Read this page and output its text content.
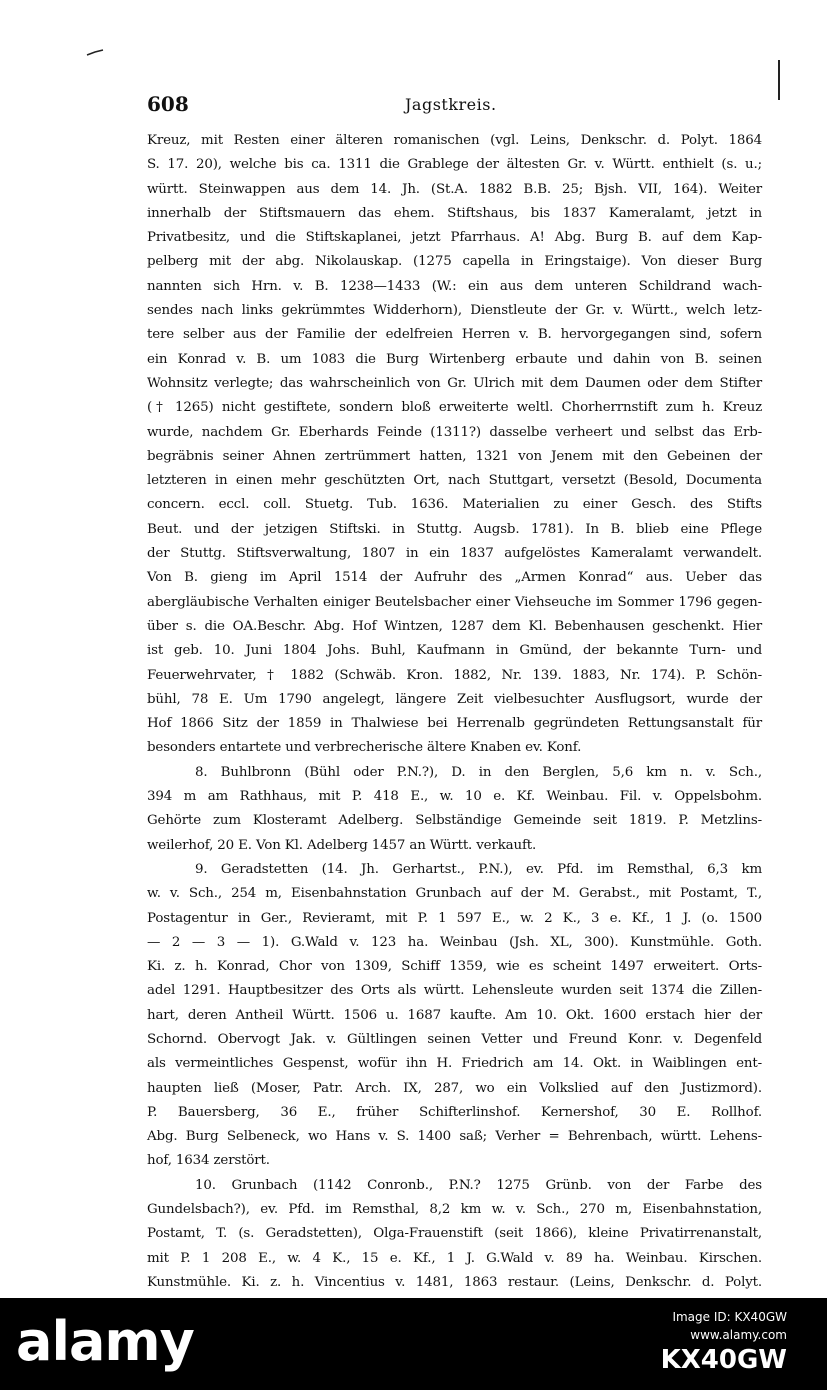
608	Jagstkreis.
Kreuz, mit Resten einer älteren romanischen (vgl. Leins, Denkschr. d. Polyt. 1864
S. 17. 20), welche bis ca. 1311 die Grablege der ältesten Gr. v. Württ. enthielt (s. u.;
württ. Steinwappen aus dem 14. Jh. (St.A. 1882 B.B. 25; Bjsh. VII, 164). Weiter
innerhalb der Stiftsmauern das ehem. Stiftshaus, bis 1837 Kameralamt, jetzt in
Privatbesitz, und die Stiftskaplanei, jetzt Pfarrhaus. A! Abg. Burg B. auf dem Kap-
pelberg mit der abg. Nikolauskap. (1275 capella in Eringstaige). Von dieser Burg
nannten sich Hrn. v. B. 1238—1433 (W.: ein aus dem unteren Schildrand wach-
sendes nach links gekrümmtes Widderhorn), Dienstleute der Gr. v. Württ., welch letz-
tere selber aus der Familie der edelfreien Herren v. B. hervorgegangen sind, sofern
ein Konrad v. B. um 1083 die Burg Wirtenberg erbaute und dahin von B. seinen
Wohnsitz verlegte; das wahrscheinlich von Gr. Ulrich mit dem Daumen oder dem Stifter
(† 1265) nicht gestiftete, sondern bloß erweiterte weltl. Chorherrnstift zum h. Kreuz
wurde, nachdem Gr. Eberhards Feinde (1311?) dasselbe verheert und selbst das Erb-
begräbnis seiner Ahnen zertrümmert hatten, 1321 von Jenem mit den Gebeinen der
letzteren in einen mehr geschützten Ort, nach Stuttgart, versetzt (Besold, Documenta
concern. eccl. coll. Stuetg. Tub. 1636. Materialien zu einer Gesch. des Stifts
Beut. und der jetzigen Stiftski. in Stuttg. Augsb. 1781). In B. blieb eine Pflege
der Stuttg. Stiftsverwaltung, 1807 in ein 1837 aufgelöstes Kameralamt verwandelt.
Von B. gieng im April 1514 der Aufruhr des „Armen Konrad“ aus. Ueber das
abergläubische Verhalten einiger Beutelsbacher einer Viehseuche im Sommer 1796 gegen-
über s. die OA.Beschr. Abg. Hof Wintzen, 1287 dem Kl. Bebenhausen geschenkt. Hier
ist geb. 10. Juni 1804 Johs. Buhl, Kaufmann in Gmünd, der bekannte Turn- und
Feuerwehrvater, † 1882 (Schwäb. Kron. 1882, Nr. 139. 1883, Nr. 174). P. Schön-
bühl, 78 E. Um 1790 angelegt, längere Zeit vielbesuchter Ausflugsort, wurde der
Hof 1866 Sitz der 1859 in Thalwiese bei Herrenalb gegründeten Rettungsanstalt für
besonders entartete und verbrecherische ältere Knaben ev. Konf.
8. Buhlbronn (Bühl oder P.N.?), D. in den Berglen, 5,6 km n. v. Sch.,
394 m am Rathhaus, mit P. 418 E., w. 10 e. Kf. Weinbau. Fil. v. Oppelsbohm.
Gehörte zum Klosteramt Adelberg. Selbständige Gemeinde seit 1819. P. Metzlins-
weilerhof, 20 E. Von Kl. Adelberg 1457 an Württ. verkauft.
9. Geradstetten (14. Jh. Gerhartst., P.N.), ev. Pfd. im Remsthal, 6,3 km
w. v. Sch., 254 m, Eisenbahnstation Grunbach auf der M. Gerabst., mit Postamt, T.,
Postagentur in Ger., Revieramt, mit P. 1 597 E., w. 2 K., 3 e. Kf., 1 J. (o. 1500
— 2 — 3 — 1). G.Wald v. 123 ha. Weinbau (Jsh. XL, 300). Kunstmühle. Goth.
Ki. z. h. Konrad, Chor von 1309, Schiff 1359, wie es scheint 1497 erweitert. Orts-
adel 1291. Hauptbesitzer des Orts als württ. Lehensleute wurden seit 1374 die Zillen-
hart, deren Antheil Württ. 1506 u. 1687 kaufte. Am 10. Okt. 1600 erstach hier der
Schornd. Obervogt Jak. v. Gültlingen seinen Vetter und Freund Konr. v. Degenfeld
als vermeintliches Gespenst, wofür ihn H. Friedrich am 14. Okt. in Waiblingen ent-
haupten ließ (Moser, Patr. Arch. IX, 287, wo ein Volkslied auf den Justizmord).
P. Bauersberg, 36 E., früher Schifterlinshof. Kernershof, 30 E. Rollhof.
Abg. Burg Selbeneck, wo Hans v. S. 1400 saß; Verher = Behrenbach, württ. Lehens-
hof, 1634 zerstört.
10. Grunbach (1142 Conronb., P.N.? 1275 Grünb. von der Farbe des
Gundelsbach?), ev. Pfd. im Remsthal, 8,2 km w. v. Sch., 270 m, Eisenbahnstation,
Postamt, T. (s. Geradstetten), Olga-Frauenstift (seit 1866), kleine Privatirrenanstalt,
mit P. 1 208 E., w. 4 K., 15 e. Kf., 1 J. G.Wald v. 89 ha. Weinbau. Kirschen.
Kunstmühle. Ki. z. h. Vincentius v. 1481, 1863 restaur. (Leins, Denkschr. d. Polyt.
alamy	Image ID: KX40GW
www.alamy.com
KX40GW
